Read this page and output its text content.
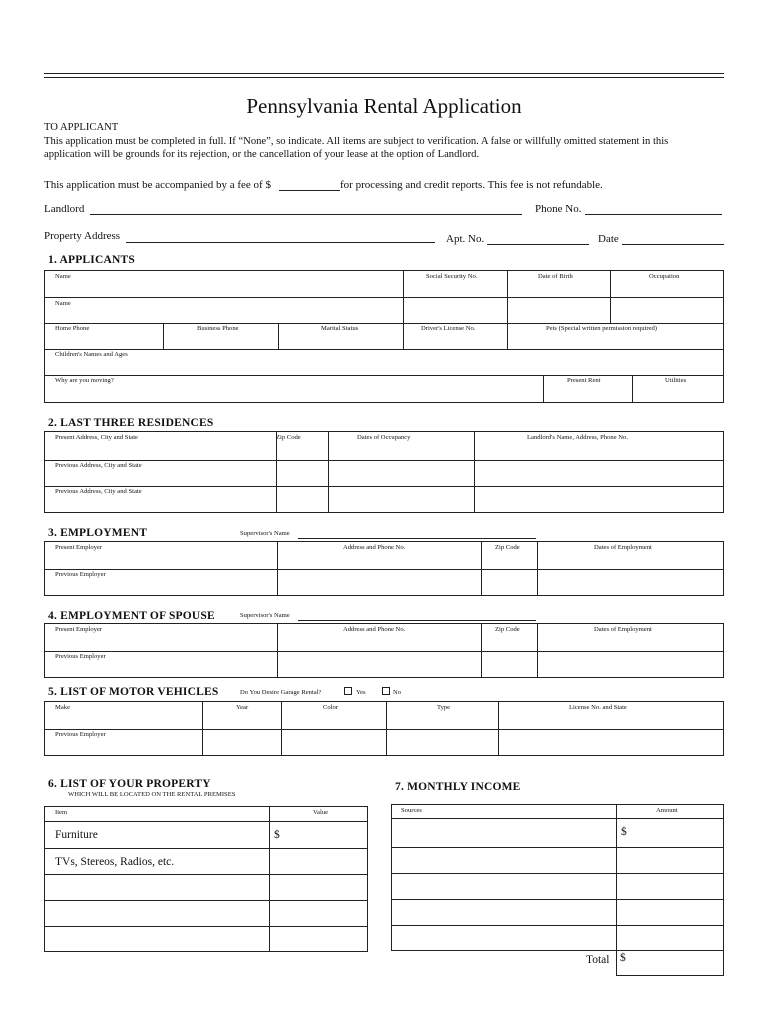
Pennsylvania Rental Application
TO APPLICANT
This application must be completed in full. If “None”, so indicate. All items are subject to verification. A false or willfully omitted statement in this
application will be grounds for its rejection, or the cancellation of your lease at the option of Landlord.
This application must be accompanied by a fee of $	for processing and credit reports. This fee is not refundable.
Landlord	Phone No.
Property Address	Apt. No.	Date
1. APPLICANTS
Name	Social Security No.	Date of Birth	Occupation
Name
Home Phone	Business Phone	Marital Status	Driver's License No.	Pets (Special written permission required)
Children's Names and Ages
Why are you moving?	Present Rent	Utilities
2. LAST THREE RESIDENCES
Present Address, City and State	Zip Code	Dates of Occupancy	Landlord's Name, Address, Phone No.
Previous Address, City and State
Previous Address, City and State
3. EMPLOYMENT	Supervisor's Name
Present Employer	Address and Phone No.	Zip Code	Dates of Employment
Previous Employer
4. EMPLOYMENT OF SPOUSE	Supervisor's Name
Present Employer	Address and Phone No.	Zip Code	Dates of Employment
Previous Employer
5. LIST OF MOTOR VEHICLES	Do You Desire Garage Rental?	Yes	No
Make	Year	Color	Type	License No. and State
Previous Employer
6. LIST OF YOUR PROPERTY
WHICH WILL BE LOCATED ON THE RENTAL PREMISES
Item	Value
Furniture	$
TVs, Stereos, Radios, etc.
7. MONTHLY INCOME
Sources	Amount
$
Total $
